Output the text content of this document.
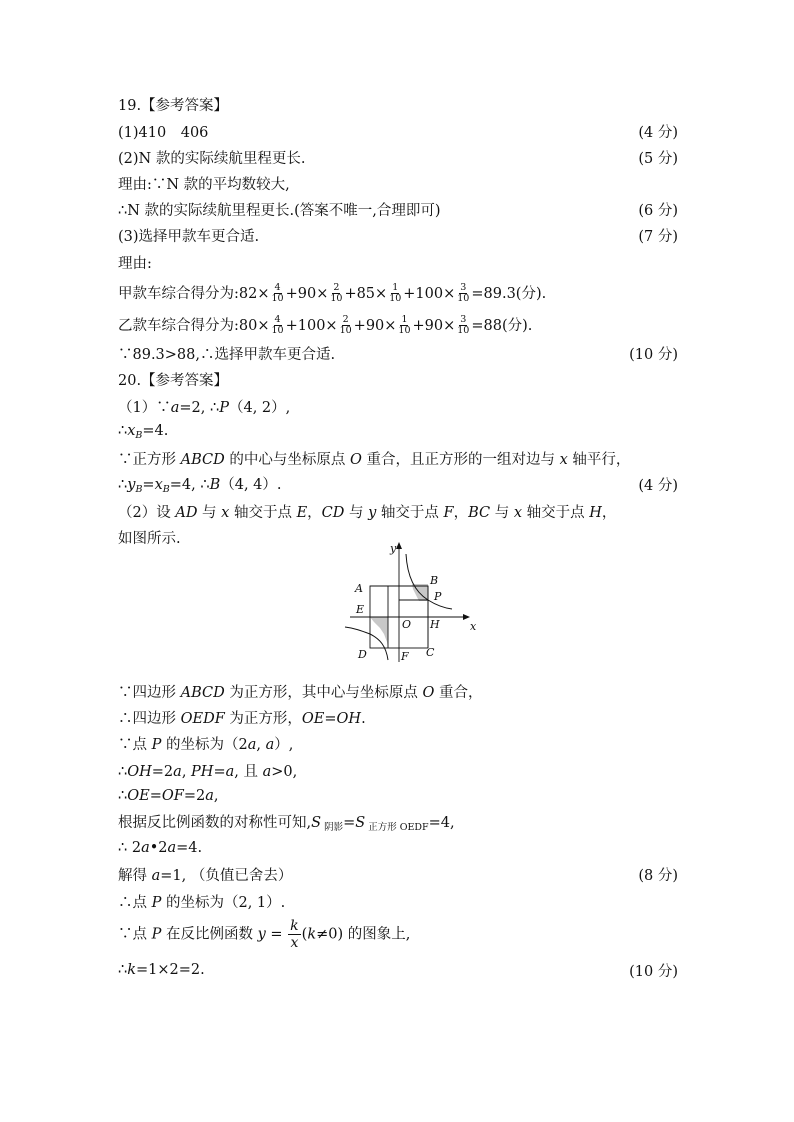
19.【参考答案】
(1)410　406	(4 分)
(2)N 款的实际续航里程更长.	(5 分)
理由:∵N 款的平均数较大,
∴N 款的实际续航里程更长.(答案不唯一,合理即可)	(6 分)
(3)选择甲款车更合适.	(7 分)
理由:
甲款车综合得分为:82× $\frac{4}{10} +90\times \frac{2}{10} +85\times \frac{1}{10} +100\times \frac{3}{10} =89.3$(分).
乙款车综合得分为:80× $\frac{4}{10} +100\times \frac{2}{10} +90\times \frac{1}{10} +90\times \frac{3}{10} =88$(分).
∵89.3>88,∴选择甲款车更合适.	(10 分)
20.【参考答案】
（1）∵a=2, ∴P（4, 2）,
$\therefore x_B=4$.
∵正方形 ABCD 的中心与坐标原点 O 重合，且正方形的一组对边与 x 轴平行，
$\therefore y_B=x_B=4$, ∴B（4, 4）.	(4 分)
（2）设 AD 与 x 轴交于点 E，CD 与 y 轴交于点 F，BC 与 x 轴交于点 H，
如图所示.
y
x
A
B
P
E
O H
D	F C
∵四边形 ABCD 为正方形，其中心与坐标原点 O 重合，
∴四边形 OEDF 为正方形，OE=OH.
∵点 P 的坐标为（2a, a）,
∴OH=2a, PH=a, 且 a>0,
∴OE=OF=2a,
根据反比例函数的对称性可知,S $_{阴影}$=S $_{正方形 OEDF}$=4,
∴ 2a•2a=4.
解得 a=1, （负值已舍去）	(8 分)
∴点 P 的坐标为（2, 1）.
∵点 P 在反比例函数 $y = \frac{k}{x} (k\ne 0)$ 的图象上,
∴k=1×2=2.	(10 分)
